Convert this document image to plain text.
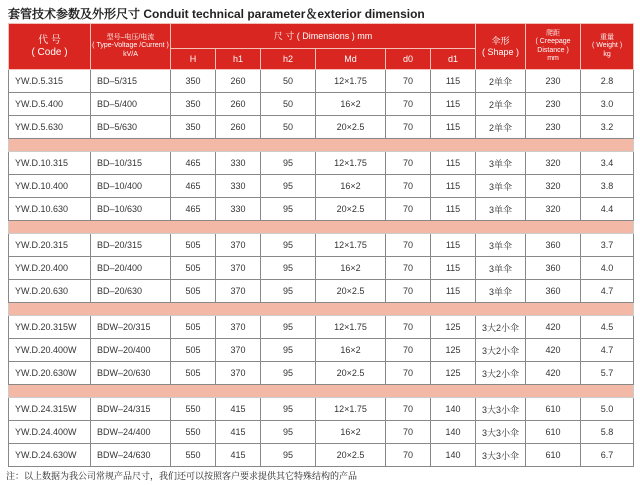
套管技术参数及外形尺寸 Conduit technical parameter＆exterior dimension
代 号
( Code )	型号–电压/电流
( Type-Voltage /Current )
kV/A	尺 寸 ( Dimensions ) mm						伞形
( Shape )	爬距
( Creepage Distance )
mm	重量
( Weight )
kg
		H	h1	h2	Md	d0	d1			
YW.D.5.315	BD–5/315	350	260	50	12×1.75	70	115	2单伞	230	2.8
YW.D.5.400	BD–5/400	350	260	50	16×2	70	115	2单伞	230	3.0
YW.D.5.630	BD–5/630	350	260	50	20×2.5	70	115	2单伞	230	3.2

YW.D.10.315	BD–10/315	465	330	95	12×1.75	70	115	3单伞	320	3.4
YW.D.10.400	BD–10/400	465	330	95	16×2	70	115	3单伞	320	3.8
YW.D.10.630	BD–10/630	465	330	95	20×2.5	70	115	3单伞	320	4.4

YW.D.20.315	BD–20/315	505	370	95	12×1.75	70	115	3单伞	360	3.7
YW.D.20.400	BD–20/400	505	370	95	16×2	70	115	3单伞	360	4.0
YW.D.20.630	BD–20/630	505	370	95	20×2.5	70	115	3单伞	360	4.7

YW.D.20.315W	BDW–20/315	505	370	95	12×1.75	70	125	3大2小伞	420	4.5
YW.D.20.400W	BDW–20/400	505	370	95	16×2	70	125	3大2小伞	420	4.7
YW.D.20.630W	BDW–20/630	505	370	95	20×2.5	70	125	3大2小伞	420	5.7

YW.D.24.315W	BDW–24/315	550	415	95	12×1.75	70	140	3大3小伞	610	5.0
YW.D.24.400W	BDW–24/400	550	415	95	16×2	70	140	3大3小伞	610	5.8
YW.D.24.630W	BDW–24/630	550	415	95	20×2.5	70	140	3大3小伞	610	6.7
注：以上数据为我公司常规产品尺寸，我们还可以按照客户要求提供其它特殊结构的产品
